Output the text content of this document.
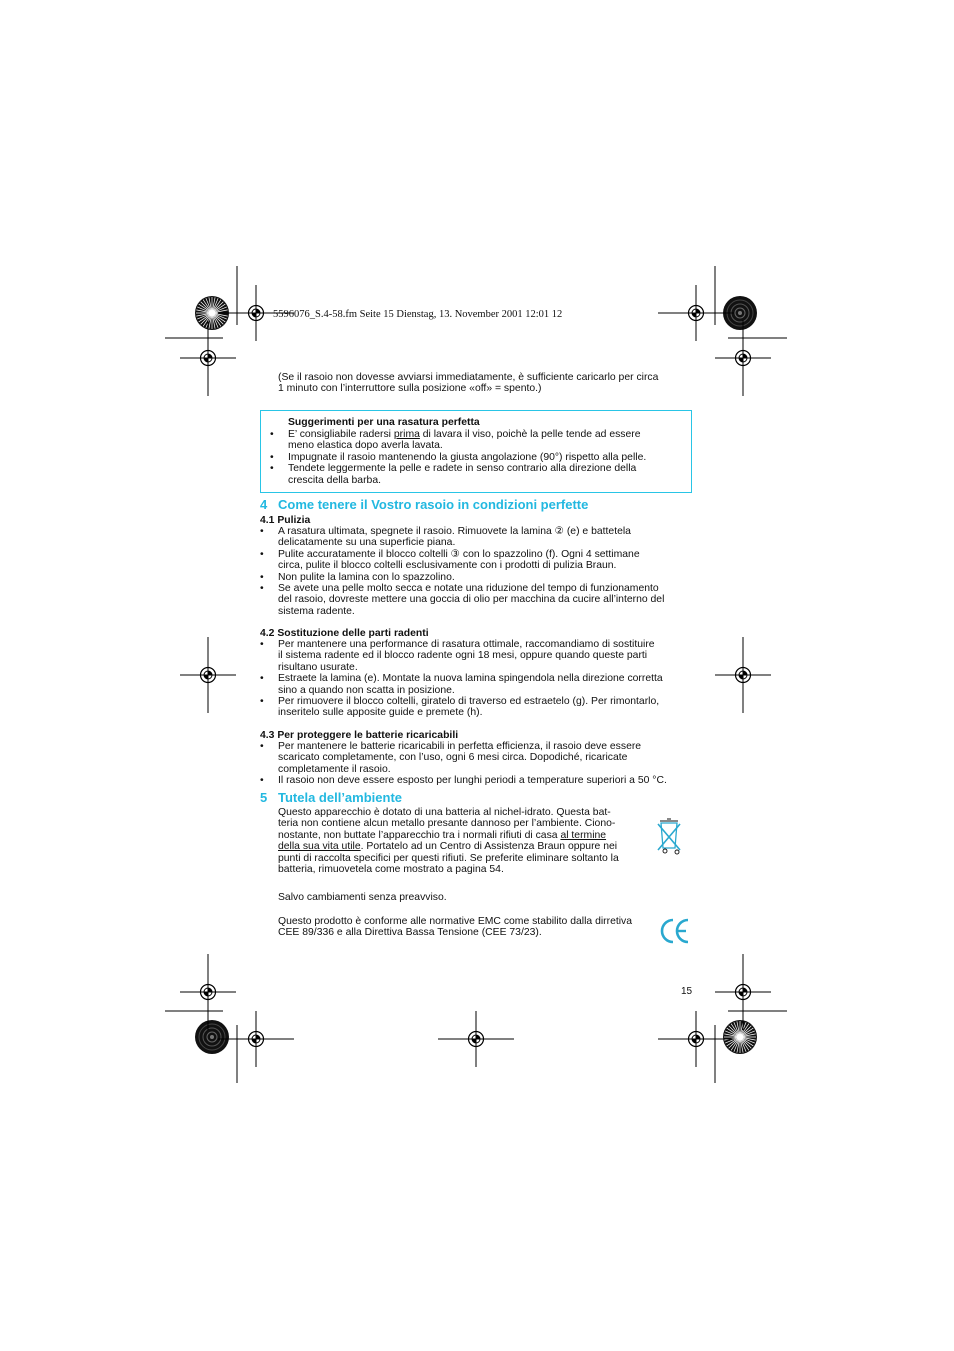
5596076_S.4-58.fm Seite 15 Dienstag, 13. November 2001 12:01 12
(Se il rasoio non dovesse avviarsi immediatamente, è sufficiente caricarlo per circa
1 minuto con l’interruttore sulla posizione «off» = spento.)
Suggerimenti per una rasatura perfetta
• E’ consigliabile radersi prima di lavara il viso, poichè la pelle tende ad essere
meno elastica dopo averla lavata.
• Impugnate il rasoio mantenendo la giusta angolazione (90°) rispetto alla pelle.
• Tendete leggermente la pelle e radete in senso contrario alla direzione della
crescita della barba.
4 Come tenere il Vostro rasoio in condizioni perfette
4.1 Pulizia
• A rasatura ultimata, spegnete il rasoio. Rimuovete la lamina ② (e) e battetela
delicatamente su una superficie piana.
• Pulite accuratamente il blocco coltelli ③ con lo spazzolino (f). Ogni 4 settimane
circa, pulite il blocco coltelli esclusivamente con i prodotti di pulizia Braun.
• Non pulite la lamina con lo spazzolino.
• Se avete una pelle molto secca e notate una riduzione del tempo di funzionamento
del rasoio, dovreste mettere una goccia di olio per macchina da cucire all’interno del
sistema radente.
4.2 Sostituzione delle parti radenti
• Per mantenere una performance di rasatura ottimale, raccomandiamo di sostituire
il sistema radente ed il blocco radente ogni 18 mesi, oppure quando queste parti
risultano usurate.
• Estraete la lamina (e). Montate la nuova lamina spingendola nella direzione corretta
sino a quando non scatta in posizione.
• Per rimuovere il blocco coltelli, giratelo di traverso ed estraetelo (g). Per rimontarlo,
inseritelo sulle apposite guide e premete (h).
4.3 Per proteggere le batterie ricaricabili
• Per mantenere le batterie ricaricabili in perfetta efficienza, il rasoio deve essere
scaricato completamente, con l’uso, ogni 6 mesi circa. Dopodiché, ricaricate
completamente il rasoio.
• Il rasoio non deve essere esposto per lunghi periodi a temperature superiori a 50 °C.
5 Tutela dell’ambiente
Questo apparecchio è dotato di una batteria al nichel-idrato. Questa bat-
teria non contiene alcun metallo presante dannoso per l’ambiente. Ciono-
nostante, non buttate l’apparecchio tra i normali rifiuti di casa al termine
della sua vita utile. Portatelo ad un Centro di Assistenza Braun oppure nei
punti di raccolta specifici per questi rifiuti. Se preferite eliminare soltanto la
batteria, rimuovetela come mostrato a pagina 54.
Salvo cambiamenti senza preavviso.
Questo prodotto è conforme alle normative EMC come stabilito dalla dirretiva
CEE 89/336 e alla Direttiva Bassa Tensione (CEE 73/23).
15
